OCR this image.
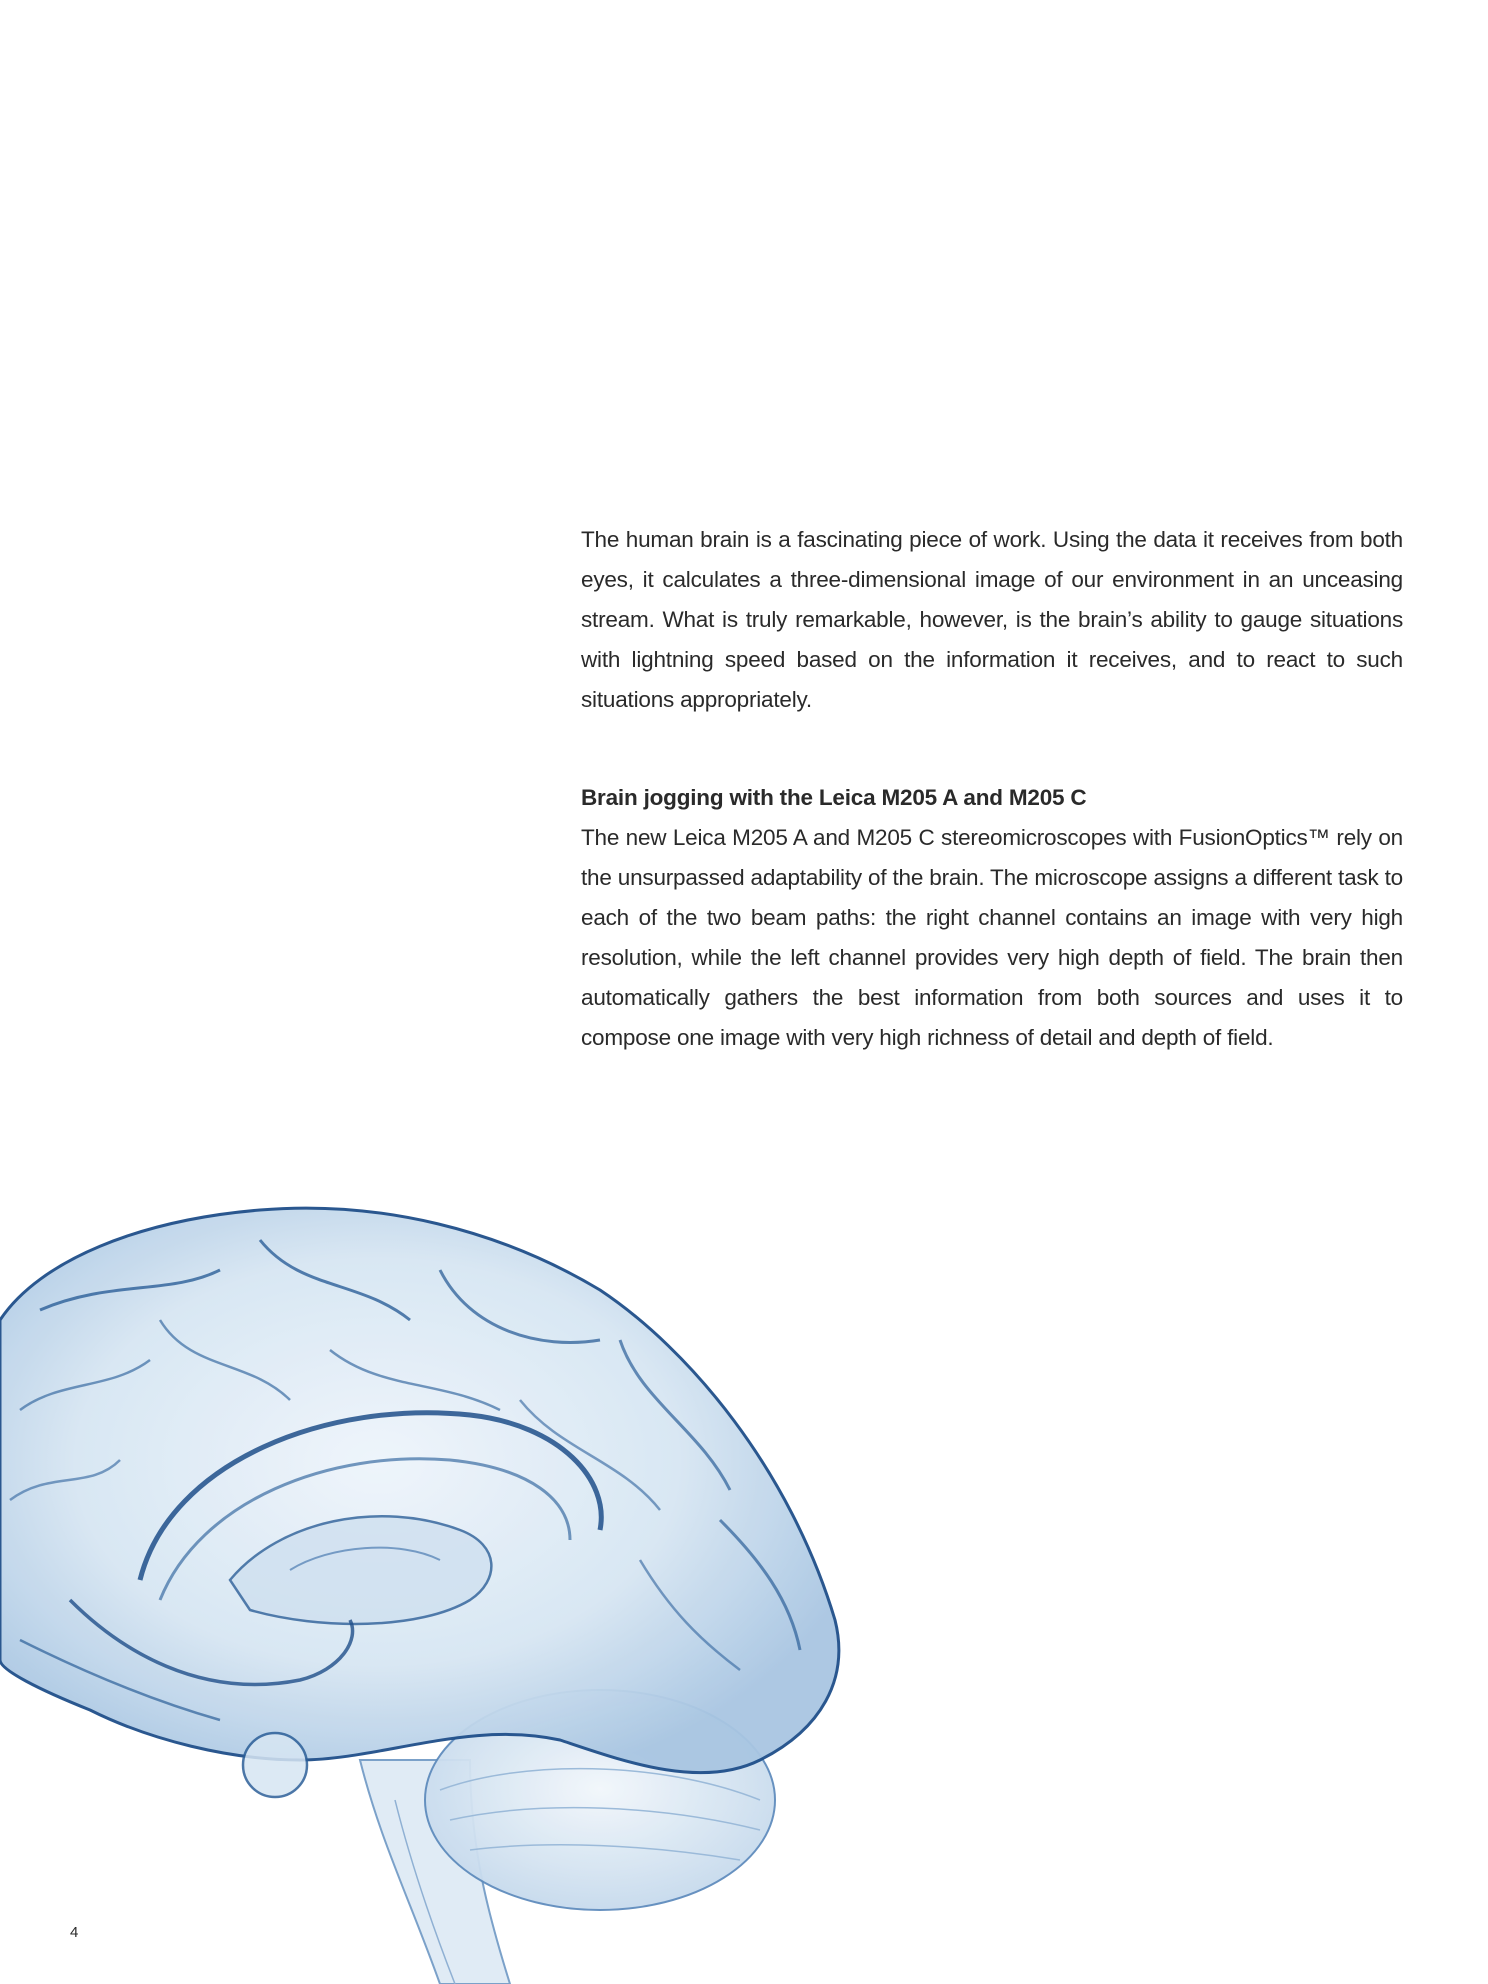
The human brain is a fascinating piece of work. Using the data it receives from both eyes, it calculates a three-dimensional image of our environment in an unceasing stream. What is truly remarkable, however, is the brain’s ability to gauge situations with lightning speed based on the information it receives, and to react to such situations appropriately.

Brain jogging with the Leica M205 A and M205 C

The new Leica M205 A and M205 C stereomicroscopes with FusionOptics™ rely on the unsurpassed adaptability of the brain. The microscope assigns a different task to each of the two beam paths: the right channel contains an image with very high resolution, while the left channel provides very high depth of field. The brain then automatically gathers the best information from both sources and uses it to compose one image with very high richness of detail and depth of field.

4
